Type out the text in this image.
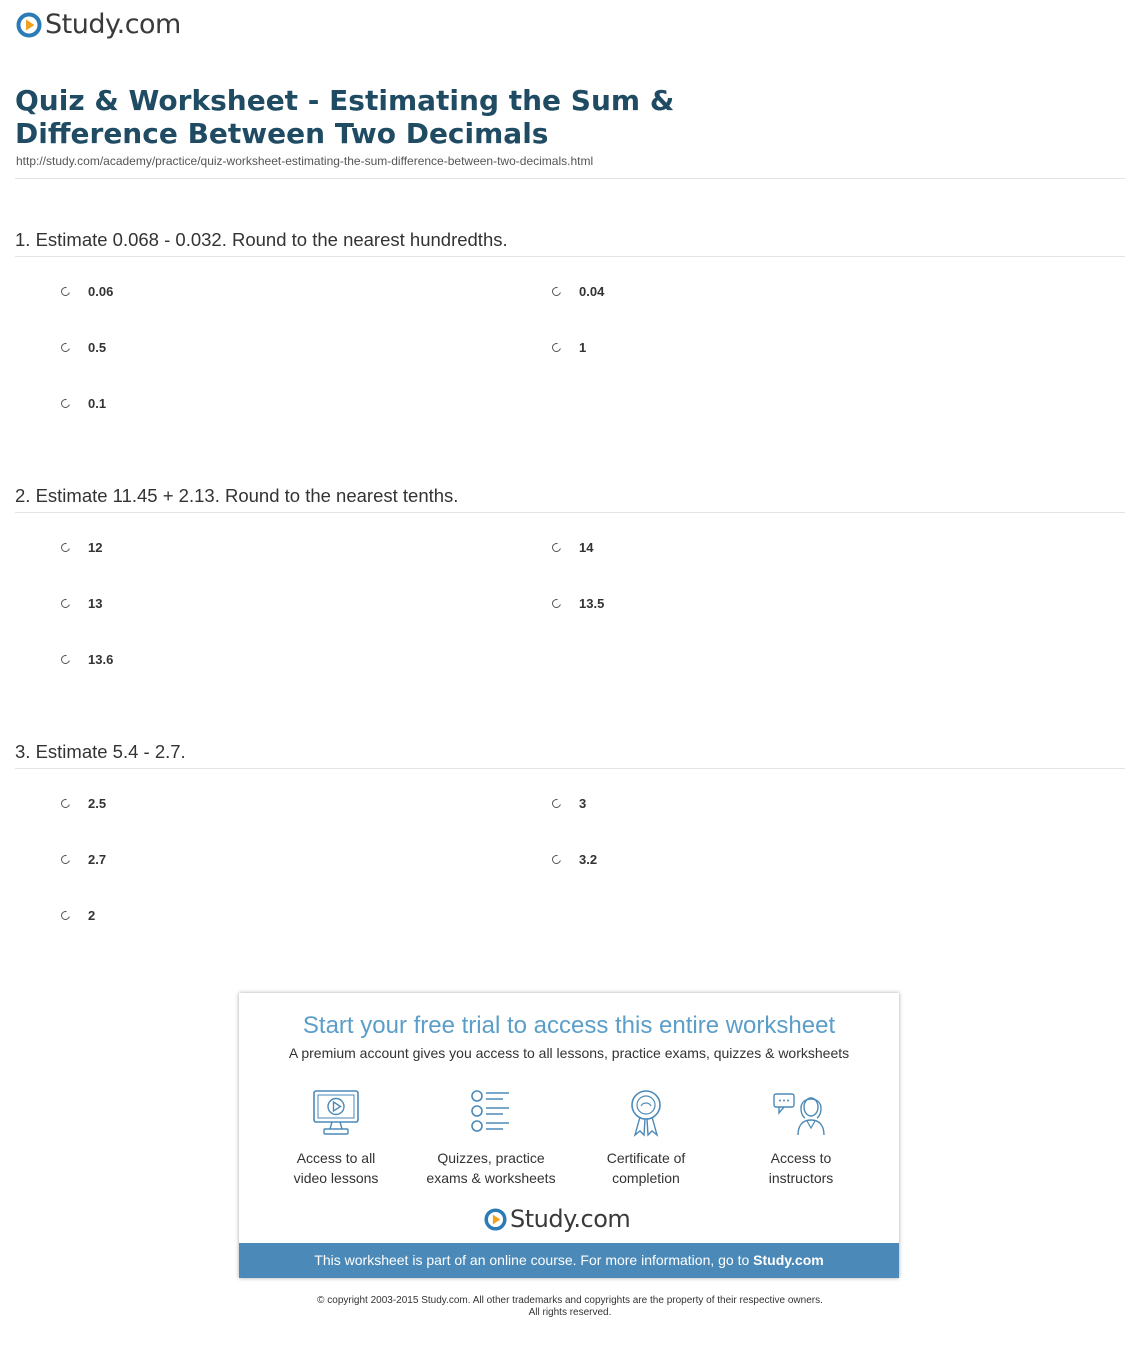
Study.com
Quiz & Worksheet - Estimating the Sum & Difference Between Two Decimals
http://study.com/academy/practice/quiz-worksheet-estimating-the-sum-difference-between-two-decimals.html
1. Estimate 0.068 - 0.032. Round to the nearest hundredths.
0.06	0.04
0.5	1
0.1
2. Estimate 11.45 + 2.13. Round to the nearest tenths.
12	14
13	13.5
13.6
3. Estimate 5.4 - 2.7.
2.5	3
2.7	3.2
2
Start your free trial to access this entire worksheet
A premium account gives you access to all lessons, practice exams, quizzes & worksheets
Access to all
video lessons
Quizzes, practice
exams & worksheets
Certificate of
completion
Access to
instructors
Study.com
This worksheet is part of an online course. For more information, go to Study.com
© copyright 2003-2015 Study.com. All other trademarks and copyrights are the property of their respective owners.
All rights reserved.
